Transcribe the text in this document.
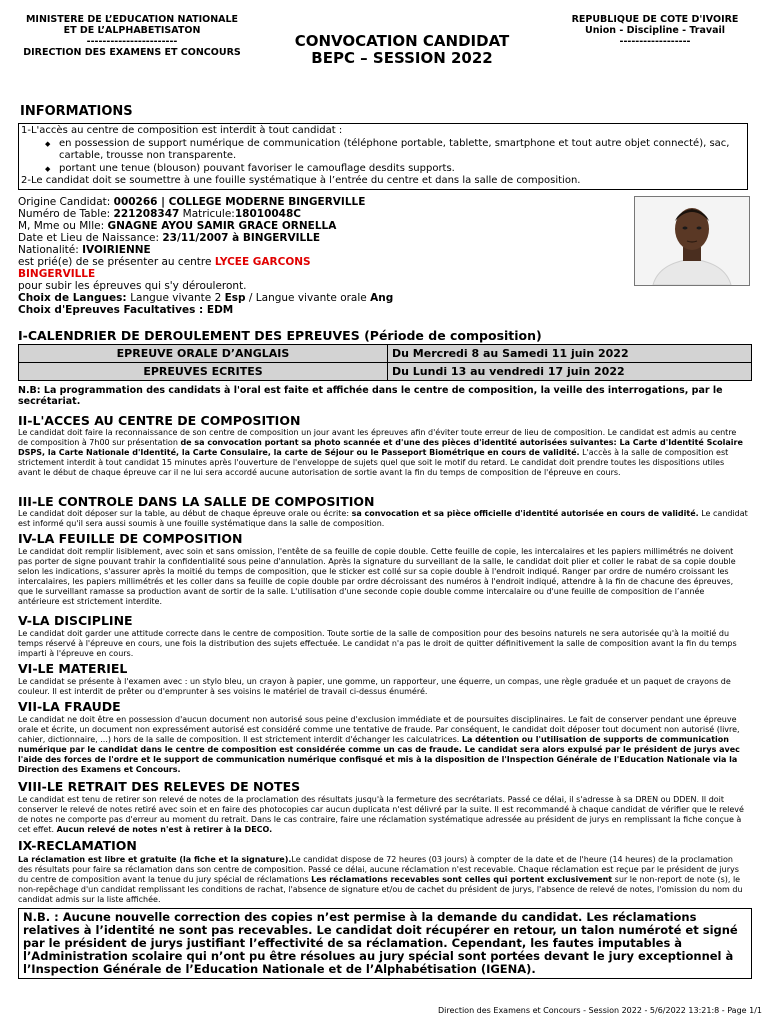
MINISTERE DE L’EDUCATION NATIONALE
ET DE L’ALPHABETISATON
-----------------------
DIRECTION DES EXAMENS ET CONCOURS
CONVOCATION CANDIDAT
BEPC – SESSION 2022
REPUBLIQUE DE COTE D'IVOIRE
Union - Discipline - Travail
------------------
INFORMATIONS
1-L'accès au centre de composition est interdit à tout candidat :
◆ en possession de support numérique de communication (téléphone portable, tablette, smartphone et tout autre objet connecté), sac, cartable, trousse non transparente.
◆ portant une tenue (blouson) pouvant favoriser le camouflage desdits supports.
2-Le candidat doit se soumettre à une fouille systématique à l’entrée du centre et dans la salle de composition.
Origine Candidat: 000266 | COLLEGE MODERNE BINGERVILLE
Numéro de Table: 221208347 Matricule:18010048C
M, Mme ou Mlle: GNAGNE AYOU SAMIR GRACE ORNELLA
Date et Lieu de Naissance: 23/11/2007 à BINGERVILLE
Nationalité: IVOIRIENNE
est prié(e) de se présenter au centre LYCEE GARCONS BINGERVILLE
pour subir les épreuves qui s'y dérouleront.
Choix de Langues: Langue vivante 2 Esp / Langue vivante orale Ang
Choix d'Epreuves Facultatives : EDM
I-CALENDRIER DE DEROULEMENT DES EPREUVES (Période de composition)
EPREUVE ORALE D’ANGLAIS	Du Mercredi 8 au Samedi 11 juin 2022
EPREUVES ECRITES	Du Lundi 13 au vendredi 17 juin 2022
N.B: La programmation des candidats à l'oral est faite et affichée dans le centre de composition, la veille des interrogations, par le secrétariat.
II-L'ACCES AU CENTRE DE COMPOSITION
Le candidat doit faire la reconnaissance de son centre de composition un jour avant les épreuves afin d'éviter toute erreur de lieu de composition. Le candidat est admis au centre de composition à 7h00 sur présentation de sa convocation portant sa photo scannée et d'une des pièces d'identité autorisées suivantes: La Carte d'Identité Scolaire DSPS, la Carte Nationale d'Identité, la Carte Consulaire, la carte de Séjour ou le Passeport Biométrique en cours de validité. L'accès à la salle de composition est strictement interdit à tout candidat 15 minutes après l'ouverture de l'enveloppe de sujets quel que soit le motif du retard. Le candidat doit prendre toutes les dispositions utiles avant le début de chaque épreuve car il ne lui sera accordé aucune autorisation de sortie avant la fin du temps de composition de l'épreuve en cours.
III-LE CONTROLE DANS LA SALLE DE COMPOSITION
Le candidat doit déposer sur la table, au début de chaque épreuve orale ou écrite: sa convocation et sa pièce officielle d'identité autorisée en cours de validité. Le candidat est informé qu'il sera aussi soumis à une fouille systématique dans la salle de composition.
IV-LA FEUILLE DE COMPOSITION
Le candidat doit remplir lisiblement, avec soin et sans omission, l'entête de sa feuille de copie double. Cette feuille de copie, les intercalaires et les papiers millimétrés ne doivent pas porter de signe pouvant trahir la confidentialité sous peine d'annulation. Après la signature du surveillant de la salle, le candidat doit plier et coller le rabat de sa copie double selon les indications, s'assurer après la moitié du temps de composition, que le sticker est collé sur sa copie double à l'endroit indiqué. Ranger par ordre de numéro croissant les intercalaires, les papiers millimétrés et les coller dans sa feuille de copie double par ordre décroissant des numéros à l'endroit indiqué, attendre à la fin de chacune des épreuves, que le surveillant ramasse sa production avant de sortir de la salle. L'utilisation d'une seconde copie double comme intercalaire ou d'une feuille de composition de l’année antérieure est strictement interdite.
V-LA DISCIPLINE
Le candidat doit garder une attitude correcte dans le centre de composition. Toute sortie de la salle de composition pour des besoins naturels ne sera autorisée qu'à la moitié du temps réservé à l'épreuve en cours, une fois la distribution des sujets effectuée. Le candidat n'a pas le droit de quitter définitivement la salle de composition avant la fin du temps imparti à l'épreuve en cours.
VI-LE MATERIEL
Le candidat se présente à l'examen avec : un stylo bleu, un crayon à papier, une gomme, un rapporteur, une équerre, un compas, une règle graduée et un paquet de crayons de couleur. Il est interdit de prêter ou d'emprunter à ses voisins le matériel de travail ci-dessus énuméré.
VII-LA FRAUDE
Le candidat ne doit être en possession d'aucun document non autorisé sous peine d'exclusion immédiate et de poursuites disciplinaires. Le fait de conserver pendant une épreuve orale et écrite, un document non expressément autorisé est considéré comme une tentative de fraude. Par conséquent, le candidat doit déposer tout document non autorisé (livre, cahier, dictionnaire, ...) hors de la salle de composition. Il est strictement interdit d'échanger les calculatrices. La détention ou l'utilisation de supports de communication numérique par le candidat dans le centre de composition est considérée comme un cas de fraude. Le candidat sera alors expulsé par le président de jurys avec l'aide des forces de l'ordre et le support de communication numérique confisqué et mis à la disposition de l'Inspection Générale de l'Education Nationale via la Direction des Examens et Concours.
VIII-LE RETRAIT DES RELEVES DE NOTES
Le candidat est tenu de retirer son relevé de notes de la proclamation des résultats jusqu'à la fermeture des secrétariats. Passé ce délai, il s'adresse à sa DREN ou DDEN. Il doit conserver le relevé de notes retiré avec soin et en faire des photocopies car aucun duplicata n'est délivré par la suite. Il est recommandé à chaque candidat de vérifier que le relevé de notes ne comporte pas d'erreur au moment du retrait. Dans le cas contraire, faire une réclamation systématique adressée au président de jurys en remplissant la fiche conçue à cet effet. Aucun relevé de notes n'est à retirer à la DECO.
IX-RECLAMATION
La réclamation est libre et gratuite (la fiche et la signature).Le candidat dispose de 72 heures (03 jours) à compter de la date et de l'heure (14 heures) de la proclamation des résultats pour faire sa réclamation dans son centre de composition. Passé ce délai, aucune réclamation n'est recevable. Chaque réclamation est reçue par le président de jurys du centre de composition avant la tenue du jury spécial de réclamations Les réclamations recevables sont celles qui portent exclusivement sur le non-report de note (s), le non-repêchage d'un candidat remplissant les conditions de rachat, l'absence de signature et/ou de cachet du président de jurys, l'absence de relevé de notes, l'omission du nom du candidat admis sur la liste affichée.
N.B. : Aucune nouvelle correction des copies n’est permise à la demande du candidat. Les réclamations relatives à l’identité ne sont pas recevables. Le candidat doit récupérer en retour, un talon numéroté et signé par le président de jurys justifiant l’effectivité de sa réclamation. Cependant, les fautes imputables à l’Administration scolaire qui n’ont pu être résolues au jury spécial sont portées devant le jury exceptionnel à l’Inspection Générale de l’Education Nationale et de l’Alphabétisation (IGENA).
Direction des Examens et Concours - Session 2022 - 5/6/2022 13:21:8 - Page 1/1
